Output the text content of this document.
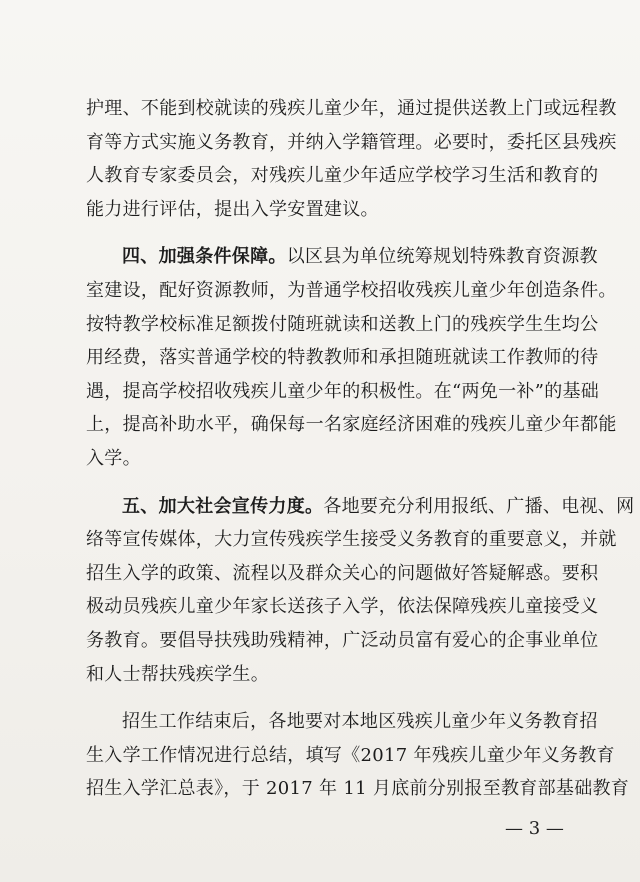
护理、不能到校就读的残疾儿童少年，通过提供送教上门或远程教
育等方式实施义务教育，并纳入学籍管理。必要时，委托区县残疾
人教育专家委员会，对残疾儿童少年适应学校学习生活和教育的
能力进行评估，提出入学安置建议。
四、加强条件保障。以区县为单位统筹规划特殊教育资源教
室建设，配好资源教师，为普通学校招收残疾儿童少年创造条件。
按特教学校标准足额拨付随班就读和送教上门的残疾学生生均公
用经费，落实普通学校的特教教师和承担随班就读工作教师的待
遇，提高学校招收残疾儿童少年的积极性。在“两免一补”的基础
上，提高补助水平，确保每一名家庭经济困难的残疾儿童少年都能
入学。
五、加大社会宣传力度。各地要充分利用报纸、广播、电视、网
络等宣传媒体，大力宣传残疾学生接受义务教育的重要意义，并就
招生入学的政策、流程以及群众关心的问题做好答疑解惑。要积
极动员残疾儿童少年家长送孩子入学，依法保障残疾儿童接受义
务教育。要倡导扶残助残精神，广泛动员富有爱心的企事业单位
和人士帮扶残疾学生。
招生工作结束后，各地要对本地区残疾儿童少年义务教育招
生入学工作情况进行总结，填写《2017 年残疾儿童少年义务教育
招生入学汇总表》，于 2017 年 11 月底前分别报至教育部基础教育
— 3 —
